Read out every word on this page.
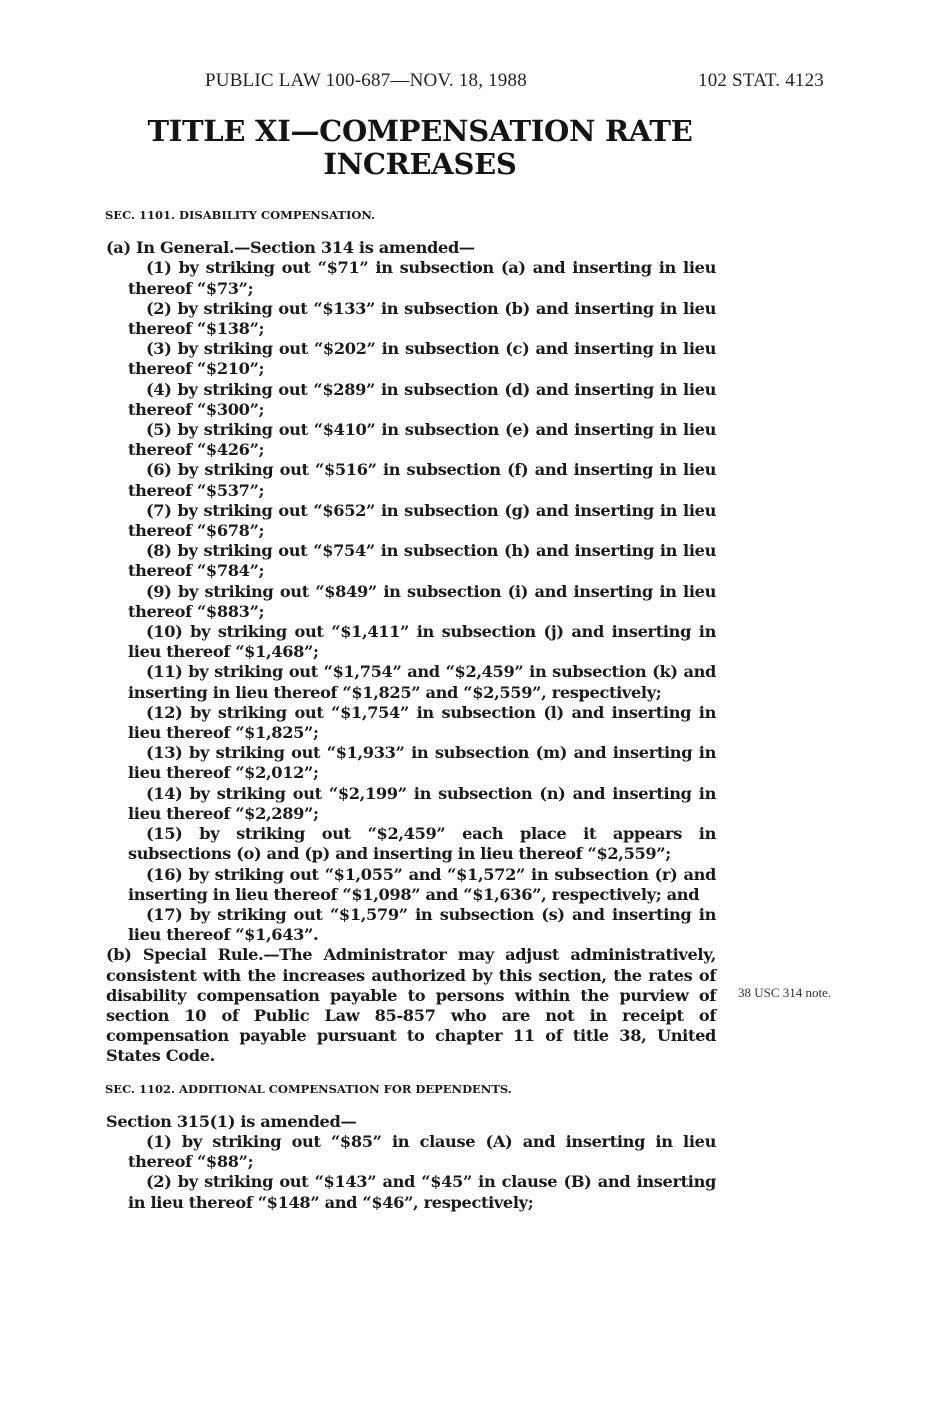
PUBLIC LAW 100-687—NOV. 18, 1988	102 STAT. 4123
TITLE XI—COMPENSATION RATE
INCREASES
SEC. 1101. DISABILITY COMPENSATION.

(a) In General.—Section 314 is amended—

(1) by striking out “$71” in subsection (a) and inserting in lieu thereof “$73”;

(2) by striking out “$133” in subsection (b) and inserting in lieu thereof “$138”;

(3) by striking out “$202” in subsection (c) and inserting in lieu thereof “$210”;

(4) by striking out “$289” in subsection (d) and inserting in lieu thereof “$300”;

(5) by striking out “$410” in subsection (e) and inserting in lieu thereof “$426”;

(6) by striking out “$516” in subsection (f) and inserting in lieu thereof “$537”;

(7) by striking out “$652” in subsection (g) and inserting in lieu thereof “$678”;

(8) by striking out “$754” in subsection (h) and inserting in lieu thereof “$784”;

(9) by striking out “$849” in subsection (i) and inserting in lieu thereof “$883”;

(10) by striking out “$1,411” in subsection (j) and inserting in lieu thereof “$1,468”;

(11) by striking out “$1,754” and “$2,459” in subsection (k) and inserting in lieu thereof “$1,825” and “$2,559”, respectively;

(12) by striking out “$1,754” in subsection (l) and inserting in lieu thereof “$1,825”;

(13) by striking out “$1,933” in subsection (m) and inserting in lieu thereof “$2,012”;

(14) by striking out “$2,199” in subsection (n) and inserting in lieu thereof “$2,289”;

(15) by striking out “$2,459” each place it appears in subsections (o) and (p) and inserting in lieu thereof “$2,559”;

(16) by striking out “$1,055” and “$1,572” in subsection (r) and inserting in lieu thereof “$1,098” and “$1,636”, respectively; and

(17) by striking out “$1,579” in subsection (s) and inserting in lieu thereof “$1,643”.

(b) Special Rule.—The Administrator may adjust administratively, consistent with the increases authorized by this section, the rates of disability compensation payable to persons within the purview of section 10 of Public Law 85-857 who are not in receipt of compensation payable pursuant to chapter 11 of title 38, United States Code.

SEC. 1102. ADDITIONAL COMPENSATION FOR DEPENDENTS.

Section 315(1) is amended—

(1) by striking out “$85” in clause (A) and inserting in lieu thereof “$88”;

(2) by striking out “$143” and “$45” in clause (B) and inserting in lieu thereof “$148” and “$46”, respectively;

38 USC 314 note.
